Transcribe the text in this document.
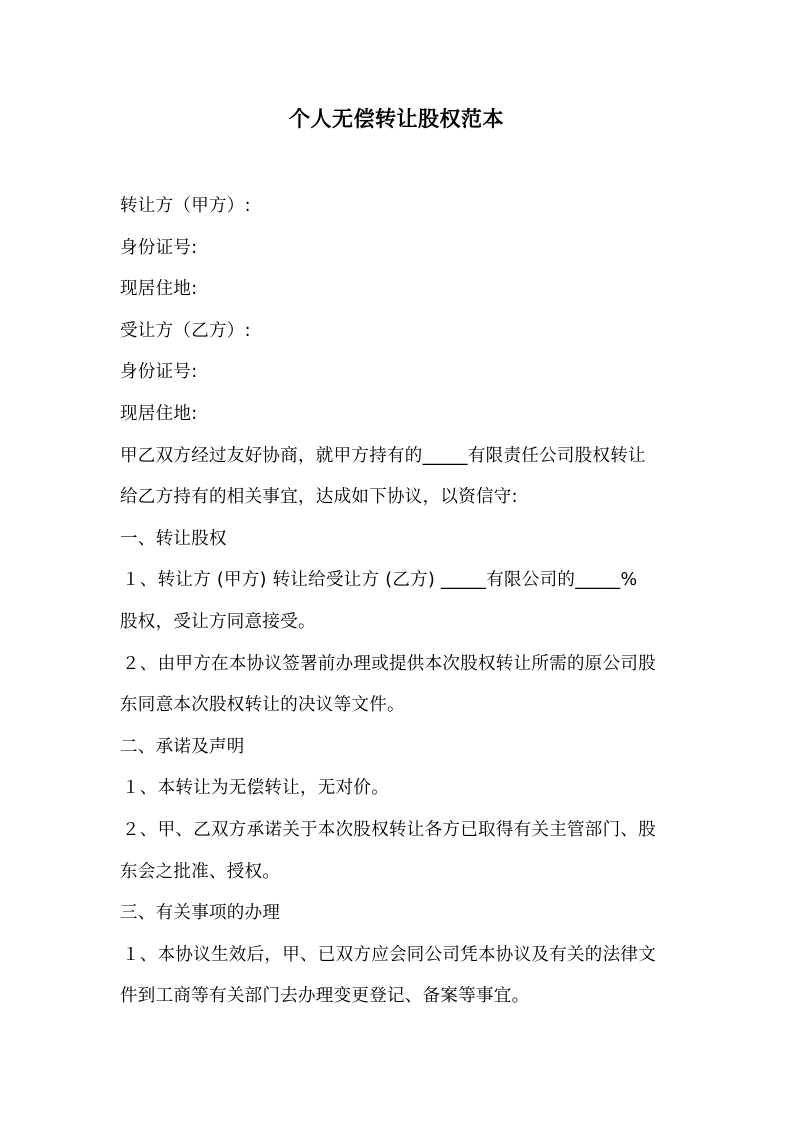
个人无偿转让股权范本
转让方（甲方）:
身份证号:
现居住地:
受让方（乙方）:
身份证号:
现居住地:
甲乙双方经过友好协商，就甲方持有的_____有限责任公司股权转让
给乙方持有的相关事宜，达成如下协议，以资信守:
一、转让股权
１、转让方 (甲方) 转让给受让方 (乙方) _____有限公司的_____%
股权，受让方同意接受。
２、由甲方在本协议签署前办理或提供本次股权转让所需的原公司股
东同意本次股权转让的决议等文件。
二、承诺及声明
１、本转让为无偿转让，无对价。
２、甲、乙双方承诺关于本次股权转让各方已取得有关主管部门、股
东会之批准、授权。
三、有关事项的办理
１、本协议生效后，甲、已双方应会同公司凭本协议及有关的法律文
件到工商等有关部门去办理变更登记、备案等事宜。
